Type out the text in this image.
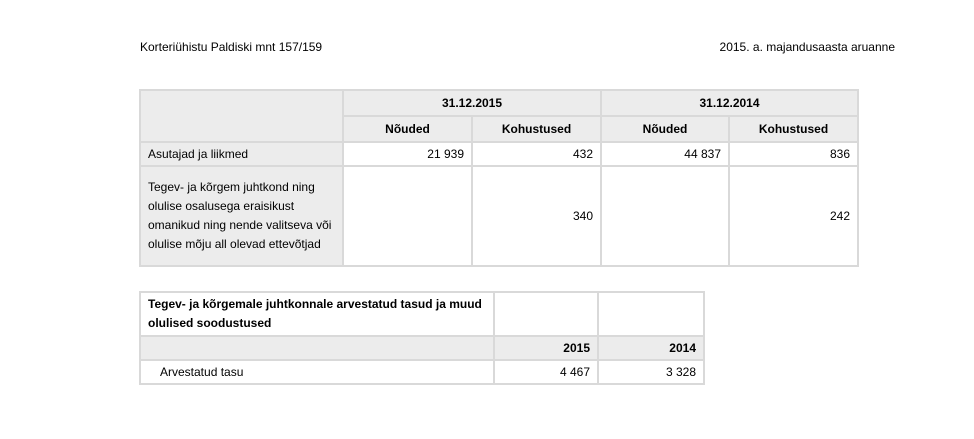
Korteriühistu Paldiski mnt 157/159	2015. a. majandusaasta aruanne
	31.12.2015		31.12.2014	
	Nõuded	Kohustused	Nõuded	Kohustused
Asutajad ja liikmed	21 939	432	44 837	836
Tegev- ja kõrgem juhtkond ning olulise osalusega eraisikust omanikud ning nende valitseva või olulise mõju all olevad ettevõtjad		340		242
Tegev- ja kõrgemale juhtkonnale arvestatud tasud ja muud olulised soodustused		
	2015	2014
Arvestatud tasu	4 467	3 328
